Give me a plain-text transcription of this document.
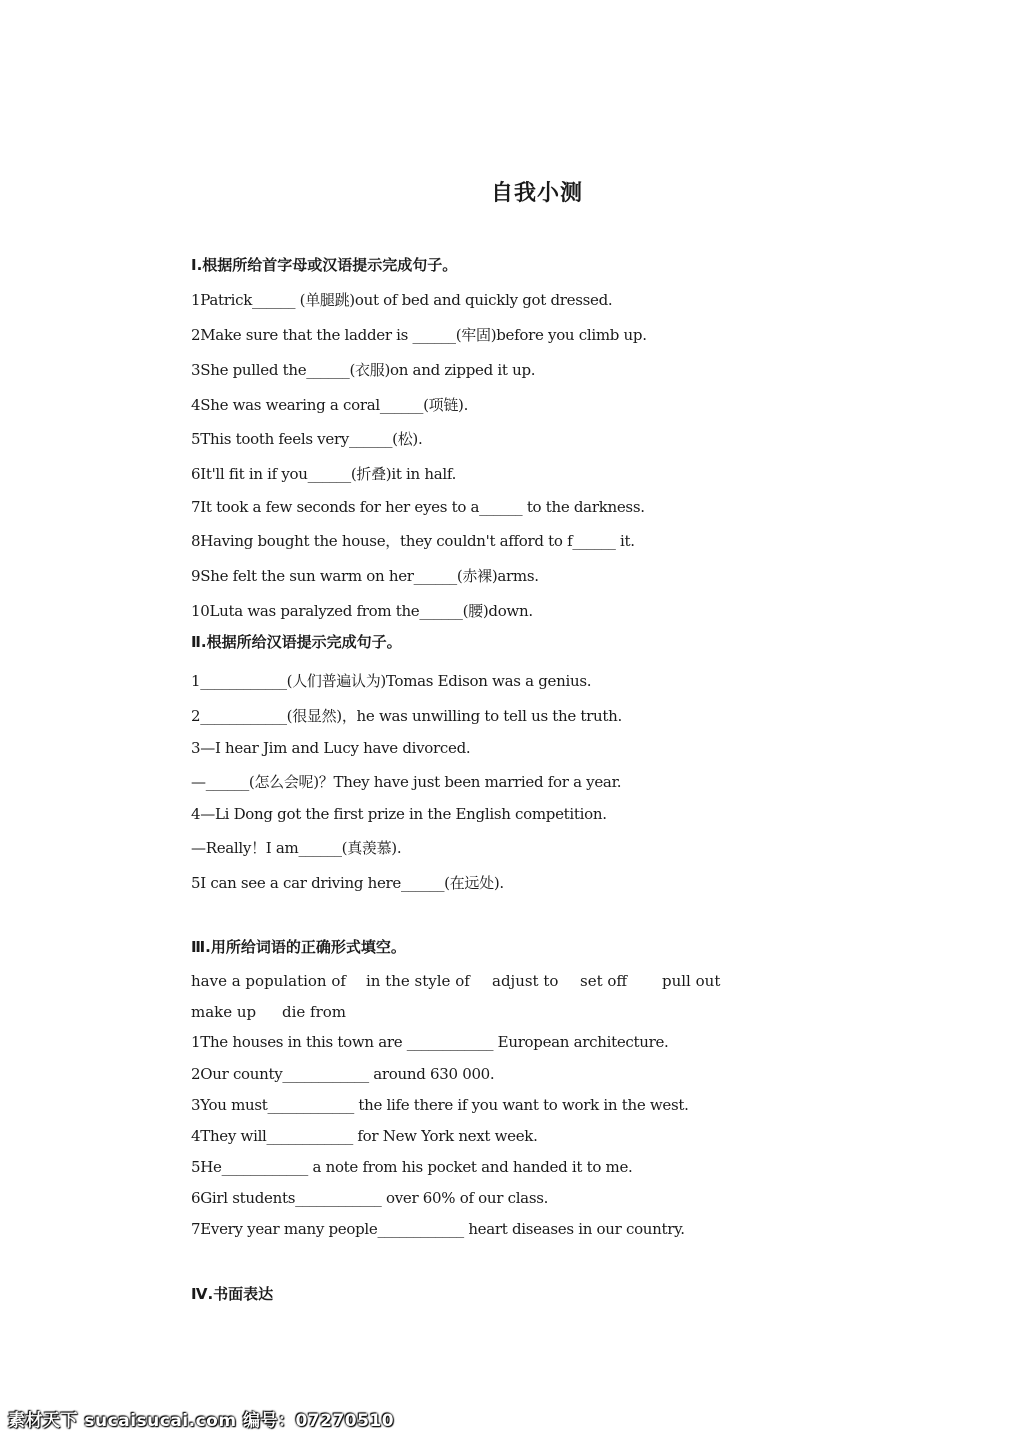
自我小测
Ⅰ.根据所给首字母或汉语提示完成句子。
1Patrick______ (单腿跳)out of bed and quickly got dressed.
2Make sure that the ladder is ______(牢固)before you climb up.
3She pulled the______(衣服)on and zipped it up.
4She was wearing a coral______(项链).
5This tooth feels very______(松).
6It'll fit in if you______(折叠)it in half.
7It took a few seconds for her eyes to a______ to the darkness.
8Having bought the house，they couldn't afford to f______ it.
9She felt the sun warm on her______(赤裸)arms.
10Luta was paralyzed from the______(腰)down.
Ⅱ.根据所给汉语提示完成句子。
1____________(人们普遍认为)Tomas Edison was a genius.
2____________(很显然)，he was unwilling to tell us the truth.
3—I hear Jim and Lucy have divorced.
—______(怎么会呢)？They have just been married for a year.
4—Li Dong got the first prize in the English competition.
—Really！I am______(真羡慕).
5I can see a car driving here______(在远处).
Ⅲ.用所给词语的正确形式填空。
have a population of in the style of adjust to set off pull out
make up die from
1The houses in this town are ____________ European architecture.
2Our county____________ around 630 000.
3You must____________ the life there if you want to work in the west.
4They will____________ for New York next week.
5He____________ a note from his pocket and handed it to me.
6Girl students____________ over 60% of our class.
7Every year many people____________ heart diseases in our country.
Ⅳ.书面表达
素材天下 sucaisucai.com 编号：07270510
